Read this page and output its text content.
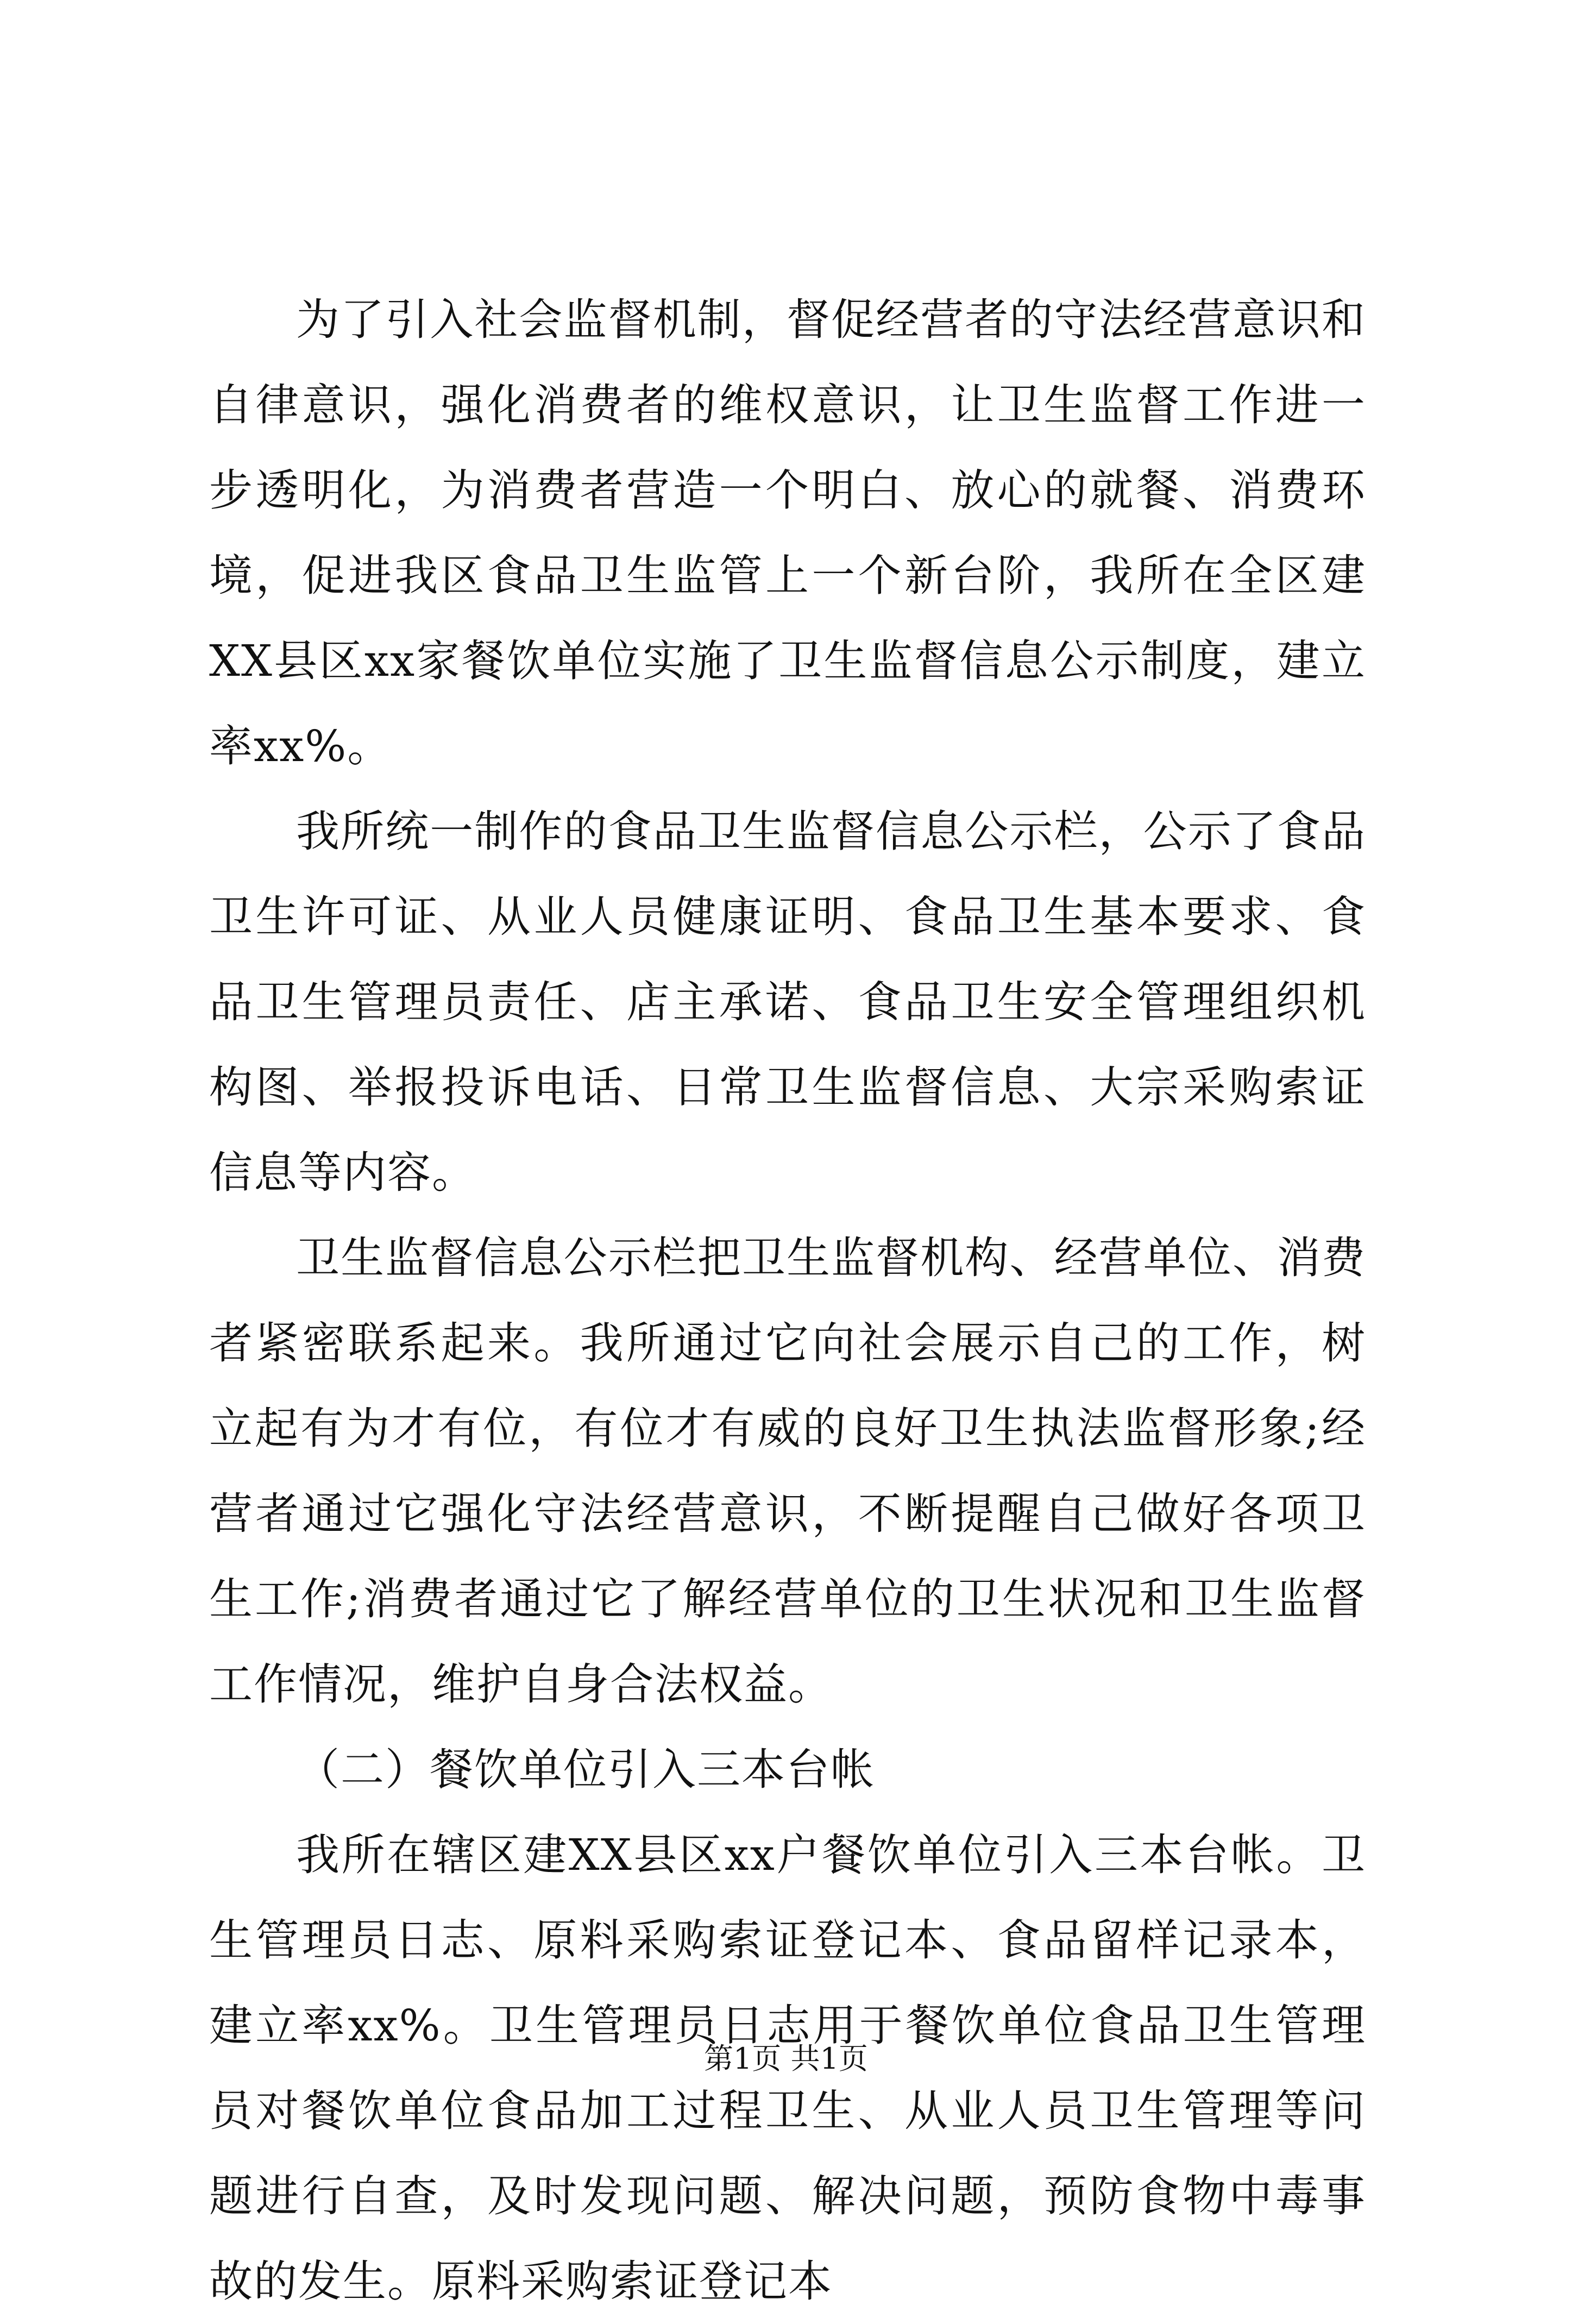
为了引入社会监督机制，督促经营者的守法经营意识和自律意识，强化消费者的维权意识，让卫生监督工作进一步透明化，为消费者营造一个明白、放心的就餐、消费环境，促进我区食品卫生监管上一个新台阶，我所在全区建XX县区xx家餐饮单位实施了卫生监督信息公示制度，建立率xx%。

我所统一制作的食品卫生监督信息公示栏，公示了食品卫生许可证、从业人员健康证明、食品卫生基本要求、食品卫生管理员责任、店主承诺、食品卫生安全管理组织机构图、举报投诉电话、日常卫生监督信息、大宗采购索证信息等内容。

卫生监督信息公示栏把卫生监督机构、经营单位、消费者紧密联系起来。我所通过它向社会展示自己的工作，树立起有为才有位，有位才有威的良好卫生执法监督形象;经营者通过它强化守法经营意识，不断提醒自己做好各项卫生工作;消费者通过它了解经营单位的卫生状况和卫生监督工作情况，维护自身合法权益。

（二）餐饮单位引入三本台帐

我所在辖区建XX县区xx户餐饮单位引入三本台帐。卫生管理员日志、原料采购索证登记本、食品留样记录本，建立率xx%。卫生管理员日志用于餐饮单位食品卫生管理员对餐饮单位食品加工过程卫生、从业人员卫生管理等问题进行自查，及时发现问题、解决问题，预防食物中毒事故的发生。原料采购索证登记本

第1页 共1页
